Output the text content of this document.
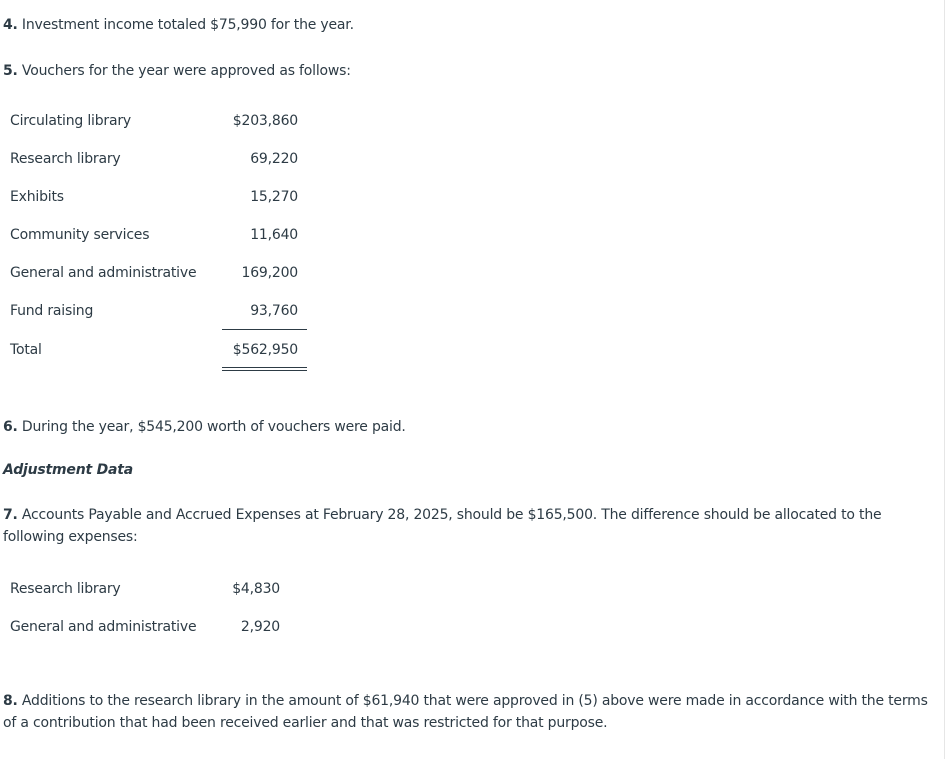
4. Investment income totaled $75,990 for the year.
5. Vouchers for the year were approved as follows:
Circulating library	$203,860
Research library	69,220
Exhibits	15,270
Community services	11,640
General and administrative	169,200
Fund raising	93,760
Total	$562,950
6. During the year, $545,200 worth of vouchers were paid.
Adjustment Data
7. Accounts Payable and Accrued Expenses at February 28, 2025, should be $165,500. The difference should be allocated to the following expenses:
Research library	$4,830
General and administrative	2,920
8. Additions to the research library in the amount of $61,940 that were approved in (5) above were made in accordance with the terms of a contribution that had been received earlier and that was restricted for that purpose.
